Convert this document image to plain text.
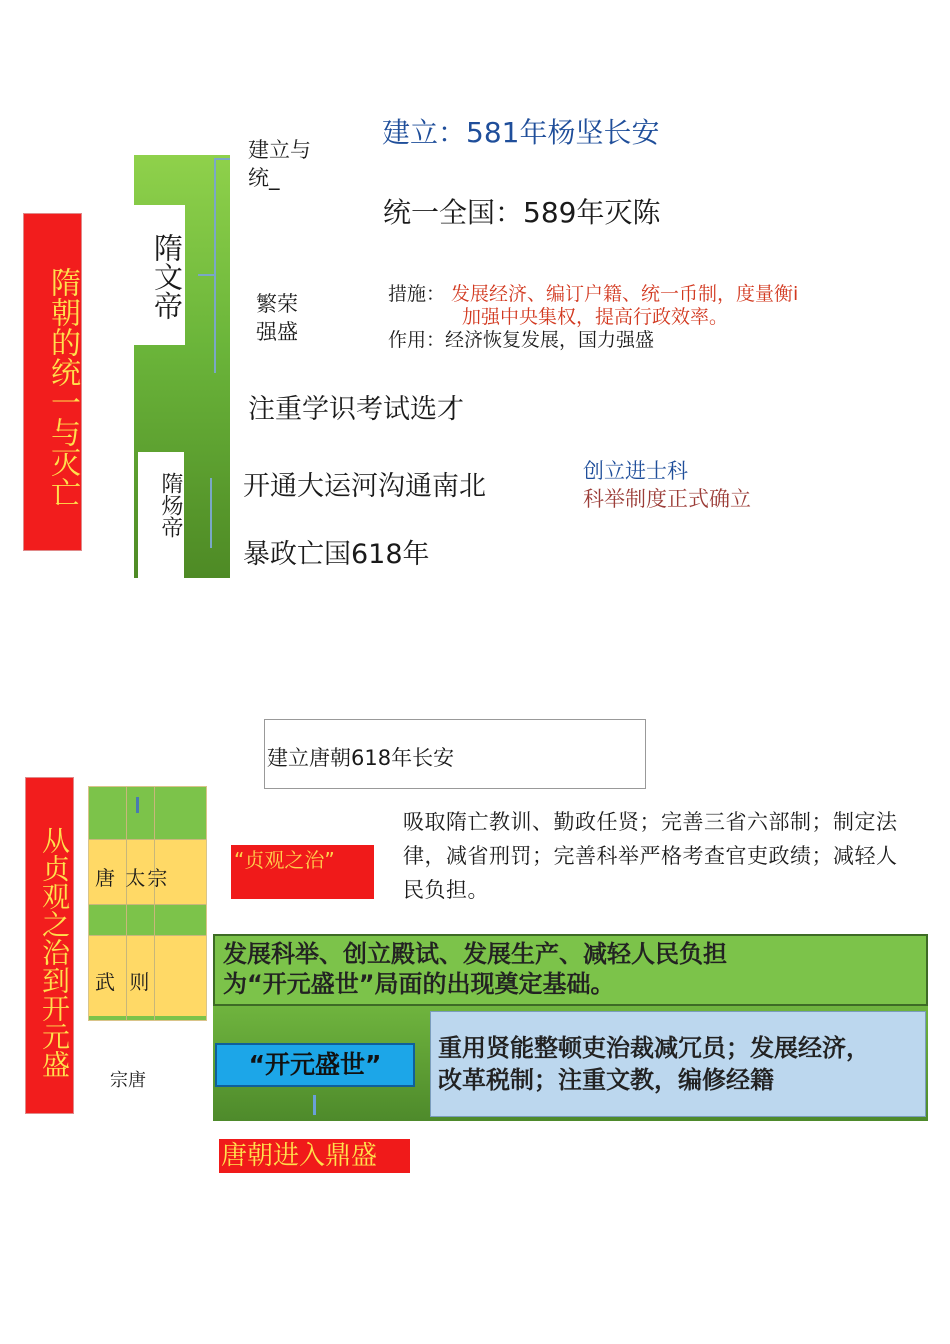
隋朝的统一与灭亡	隋文帝
隋炀帝
建立与统_
繁荣强盛
建立：581年杨坚长安
统一全国：589年灭陈
措施： 发展经济、编订户籍、统一币制，度量衡i
加强中央集权，提高行政效率。
作用：经济恢复发展，国力强盛
注重学识考试选才
开通大运河沟通南北
暴政亡国618年
创立进士科
科举制度正式确立
建立唐朝618年长安
从贞观之治到开元盛 唐 太宗
武 则
宗唐
“贞观之治”
吸取隋亡教训、勤政任贤；完善三省六部制；制定法律，减省刑罚；完善科举严格考查官吏政绩；减轻人民负担。
发展科举、创立殿试、发展生产、减轻人民负担
为“开元盛世”局面的出现奠定基础。
“开元盛世”
重用贤能整顿吏治裁减冗员；发展经济，
改革税制；注重文教，编修经籍
唐朝进入鼎盛
